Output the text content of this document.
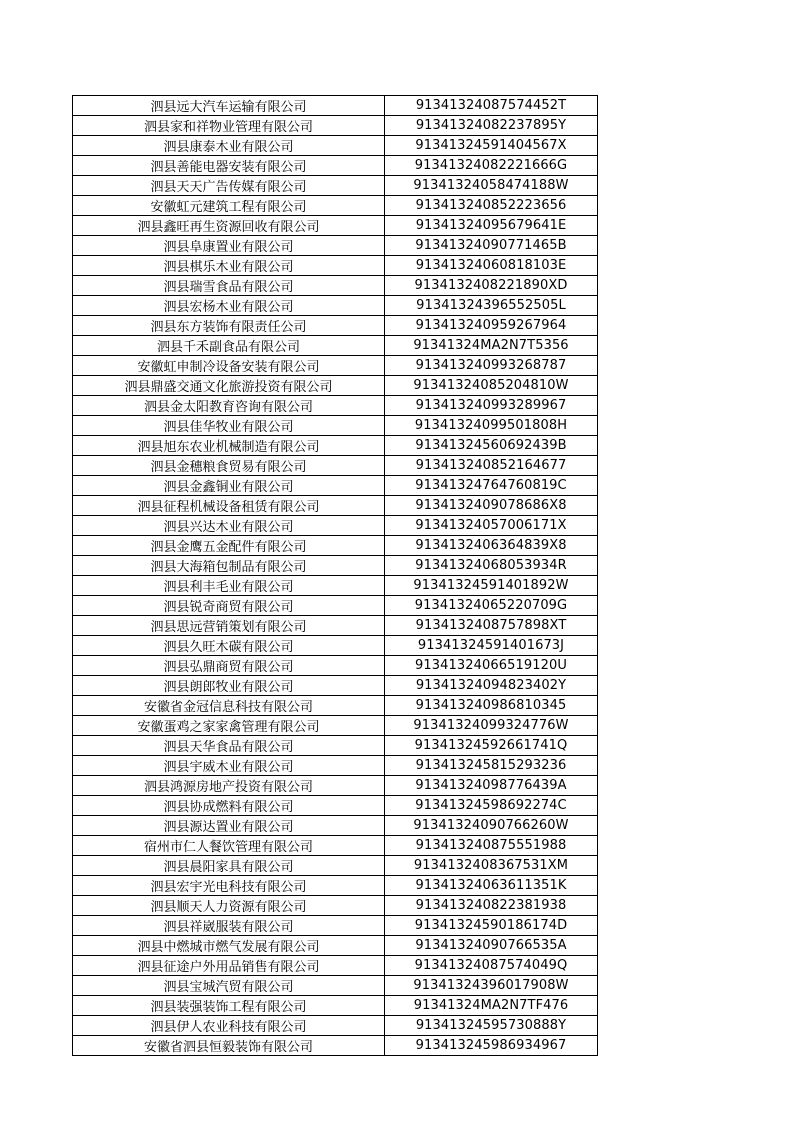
泗县远大汽车运输有限公司	91341324087574452T
泗县家和祥物业管理有限公司	91341324082237895Y
泗县康泰木业有限公司	91341324591404567X
泗县善能电器安装有限公司	91341324082221666G
泗县天天广告传媒有限公司	91341324058474188W
安徽虹元建筑工程有限公司	913413240852223656
泗县鑫旺再生资源回收有限公司	91341324095679641E
泗县阜康置业有限公司	91341324090771465B
泗县棋乐木业有限公司	91341324060818103E
泗县瑞雪食品有限公司	9134132408221890XD
泗县宏杨木业有限公司	91341324396552505L
泗县东方装饰有限责任公司	913413240959267964
泗县千禾副食品有限公司	91341324MA2N7T5356
安徽虹申制冷设备安装有限公司	913413240993268787
泗县鼎盛交通文化旅游投资有限公司	91341324085204810W
泗县金太阳教育咨询有限公司	913413240993289967
泗县佳华牧业有限公司	91341324099501808H
泗县旭东农业机械制造有限公司	91341324560692439B
泗县金穗粮食贸易有限公司	913413240852164677
泗县金鑫铜业有限公司	91341324764760819C
泗县征程机械设备租赁有限公司	9134132409078686X8
泗县兴达木业有限公司	91341324057006171X
泗县金鹰五金配件有限公司	9134132406364839X8
泗县大海箱包制品有限公司	91341324068053934R
泗县利丰毛业有限公司	91341324591401892W
泗县锐奇商贸有限公司	91341324065220709G
泗县思远营销策划有限公司	9134132408757898XT
泗县久旺木碳有限公司	91341324591401673J
泗县弘鼎商贸有限公司	91341324066519120U
泗县朗郎牧业有限公司	91341324094823402Y
安徽省金冠信息科技有限公司	913413240986810345
安徽蛋鸡之家家禽管理有限公司	91341324099324776W
泗县天华食品有限公司	91341324592661741Q
泗县宇威木业有限公司	913413245815293236
泗县鸿源房地产投资有限公司	91341324098776439A
泗县协成燃料有限公司	91341324598692274C
泗县源达置业有限公司	91341324090766260W
宿州市仁人餐饮管理有限公司	913413240875551988
泗县晨阳家具有限公司	9134132408367531XM
泗县宏宇光电科技有限公司	91341324063611351K
泗县顺天人力资源有限公司	913413240822381938
泗县祥崴服装有限公司	91341324590186174D
泗县中燃城市燃气发展有限公司	91341324090766535A
泗县征途户外用品销售有限公司	91341324087574049Q
泗县宝城汽贸有限公司	91341324396017908W
泗县装强装饰工程有限公司	91341324MA2N7TF476
泗县伊人农业科技有限公司	91341324595730888Y
安徽省泗县恒毅装饰有限公司	913413245986934967
